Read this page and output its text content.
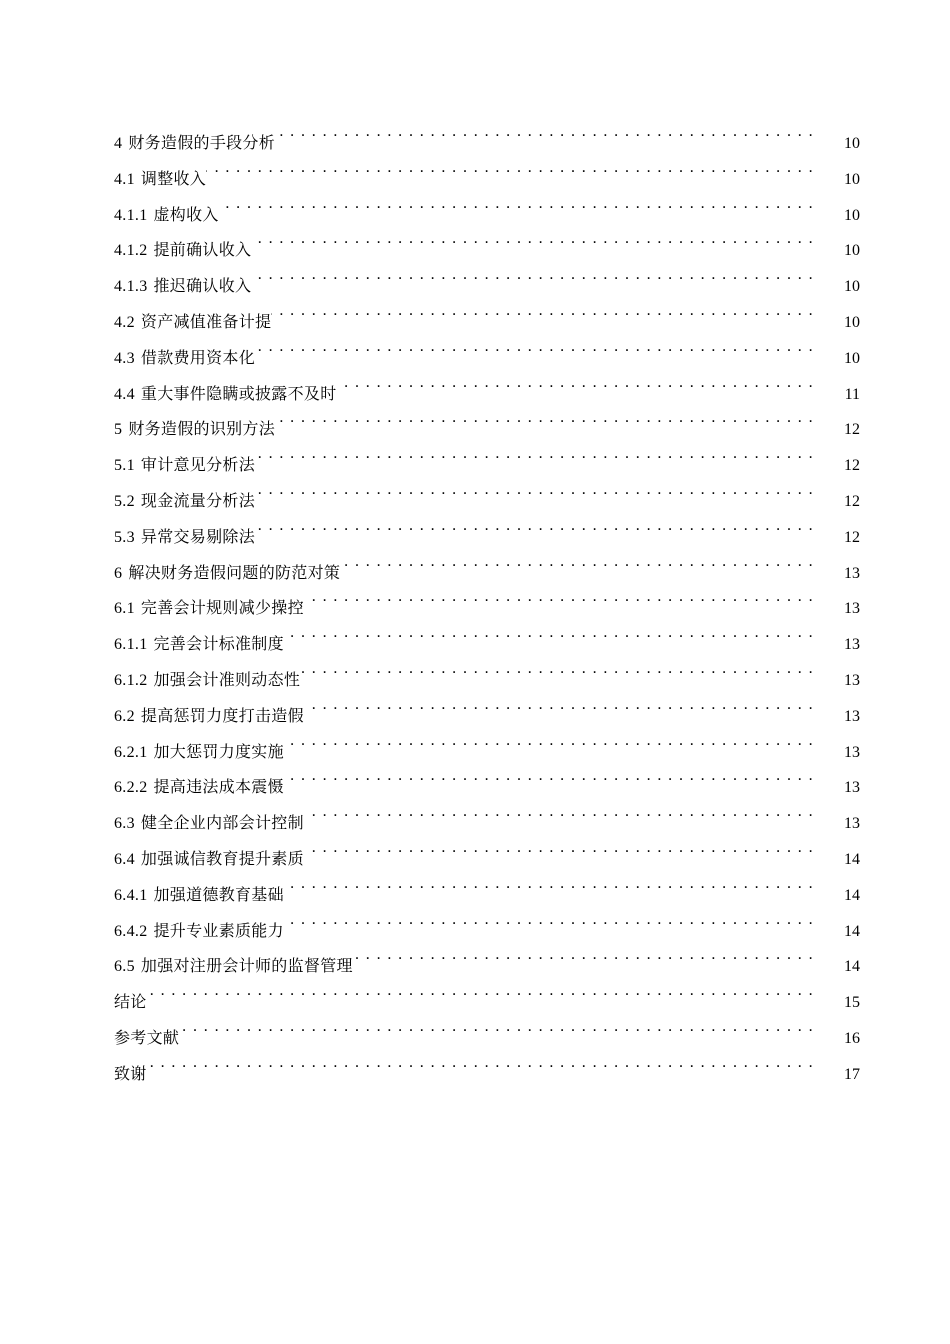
4 财务造假的手段分析 . . .	10
4.1 调整收入 . . .	10
4.1.1 虚构收入 . . .	10
4.1.2 提前确认收入 . . .	10
4.1.3 推迟确认收入 . . .	10
4.2 资产减值准备计提 . . .	10
4.3 借款费用资本化 . . .	10
4.4 重大事件隐瞒或披露不及时 . . .	11
5 财务造假的识别方法 . . .	12
5.1 审计意见分析法 . . .	12
5.2 现金流量分析法 . . .	12
5.3 异常交易剔除法 . . .	12
6 解决财务造假问题的防范对策 . . .	13
6.1 完善会计规则减少操控 . . .	13
6.1.1 完善会计标准制度 . . .	13
6.1.2 加强会计准则动态性 . . .	13
6.2 提高惩罚力度打击造假 . . .	13
6.2.1 加大惩罚力度实施 . . .	13
6.2.2 提高违法成本震慑 . . .	13
6.3 健全企业内部会计控制 . . .	13
6.4 加强诚信教育提升素质 . . .	14
6.4.1 加强道德教育基础 . . .	14
6.4.2 提升专业素质能力 . . .	14
6.5 加强对注册会计师的监督管理 . . .	14
结论 . . .	15
参考文献 . . .	16
致谢 . . .	17
